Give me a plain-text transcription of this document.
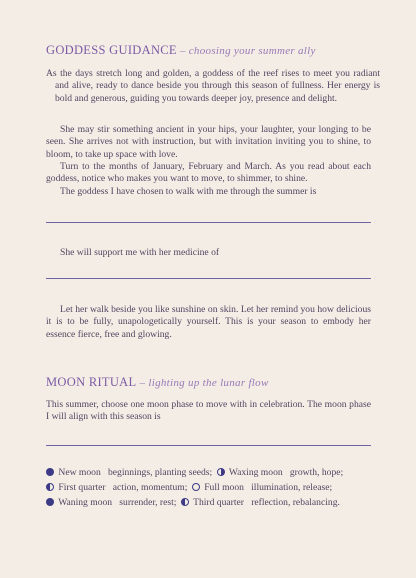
GODDESS GUIDANCE – choosing your summer ally

As the days stretch long and golden, a goddess of the reef rises to meet you radiant and alive, ready to dance beside you through this season of fullness. Her energy is bold and generous, guiding you towards deeper joy, presence and delight.

She may stir something ancient in your hips, your laughter, your longing to be seen. She arrives not with instruction, but with invitation inviting you to shine, to bloom, to take up space with love.

Turn to the months of January, February and March. As you read about each goddess, notice who makes you want to move, to shimmer, to shine.

The goddess I have chosen to walk with me through the summer is

She will support me with her medicine of

Let her walk beside you like sunshine on skin. Let her remind you how delicious it is to be fully, unapologetically yourself. This is your season to embody her essence fierce, free and glowing.

MOON RITUAL – lighting up the lunar flow

This summer, choose one moon phase to move with in celebration. The moon phase I will align with this season is

New moon beginnings, planting seeds; Waxing moon growth, hope;
First quarter action, momentum; Full moon illumination, release;
Waning moon surrender, rest; Third quarter reflection, rebalancing.
